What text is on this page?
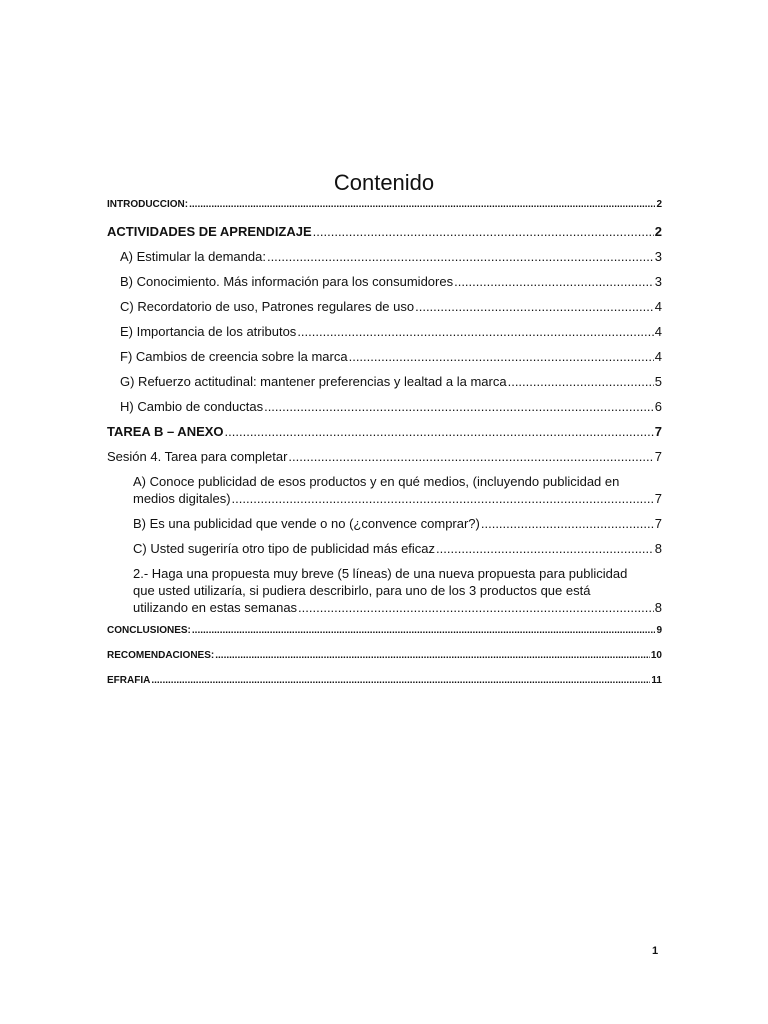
Contenido
INTRODUCCION: .....	2
ACTIVIDADES DE APRENDIZAJE .....	2
A) Estimular la demanda: .....	3
B) Conocimiento. Más información para los consumidores .....	3
C) Recordatorio de uso, Patrones regulares de uso .....	4
E) Importancia de los atributos .....	4
F) Cambios de creencia sobre la marca .....	4
G) Refuerzo actitudinal: mantener preferencias y lealtad a la marca .....	5
H) Cambio de conductas .....	6
TAREA B – ANEXO .....	7
Sesión 4. Tarea para completar .....	7
A) Conoce publicidad de esos productos y en qué medios, (incluyendo publicidad en
medios digitales) .....	7
B) Es una publicidad que vende o no (¿convence comprar?) .....	7
C) Usted sugeriría otro tipo de publicidad más eficaz .....	8
2.- Haga una propuesta muy breve (5 líneas) de una nueva propuesta para publicidad
que usted utilizaría, si pudiera describirlo, para uno de los 3 productos que está
utilizando en estas semanas .....	8
CONCLUSIONES: .....	9
RECOMENDACIONES: .....	10
EFRAFIA .....	11
1
